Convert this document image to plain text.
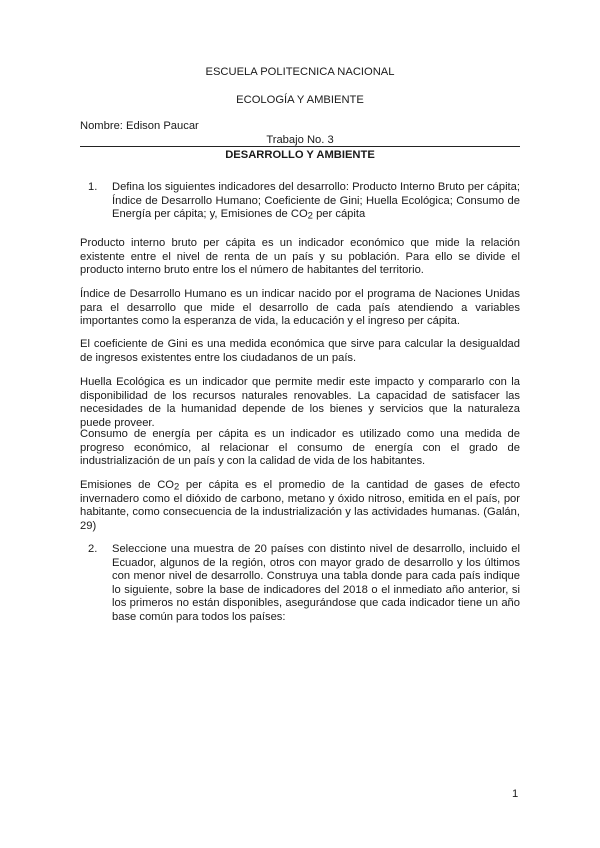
ESCUELA POLITECNICA NACIONAL
ECOLOGÍA Y AMBIENTE
Nombre: Edison Paucar
Trabajo No. 3
DESARROLLO Y AMBIENTE
1.	Defina los siguientes indicadores del desarrollo: Producto Interno Bruto per cápita; Índice de Desarrollo Humano; Coeficiente de Gini; Huella Ecológica; Consumo de Energía per cápita; y, Emisiones de $CO_2$ per cápita
Producto interno bruto per cápita es un indicador económico que mide la relación existente entre el nivel de renta de un país y su población. Para ello se divide el producto interno bruto entre los el número de habitantes del territorio.
Índice de Desarrollo Humano es un indicar nacido por el programa de Naciones Unidas para el desarrollo que mide el desarrollo de cada país atendiendo a variables importantes como la esperanza de vida, la educación y el ingreso per cápita.
El coeficiente de Gini es una medida económica que sirve para calcular la desigualdad de ingresos existentes entre los ciudadanos de un país.
Huella Ecológica es un indicador que permite medir este impacto y compararlo con la disponibilidad de los recursos naturales renovables. La capacidad de satisfacer las necesidades de la humanidad depende de los bienes y servicios que la naturaleza puede proveer.
Consumo de energía per cápita es un indicador es utilizado como una medida de progreso económico, al relacionar el consumo de energía con el grado de industrialización de un país y con la calidad de vida de los habitantes.
Emisiones de $CO_2$ per cápita es el promedio de la cantidad de gases de efecto invernadero como el dióxido de carbono, metano y óxido nitroso, emitida en el país, por habitante, como consecuencia de la industrialización y las actividades humanas. (Galán, 29)
2.	Seleccione una muestra de 20 países con distinto nivel de desarrollo, incluido el Ecuador, algunos de la región, otros con mayor grado de desarrollo y los últimos con menor nivel de desarrollo. Construya una tabla donde para cada país indique lo siguiente, sobre la base de indicadores del 2018 o el inmediato año anterior, si los primeros no están disponibles, asegurándose que cada indicador tiene un año base común para todos los países:
1
